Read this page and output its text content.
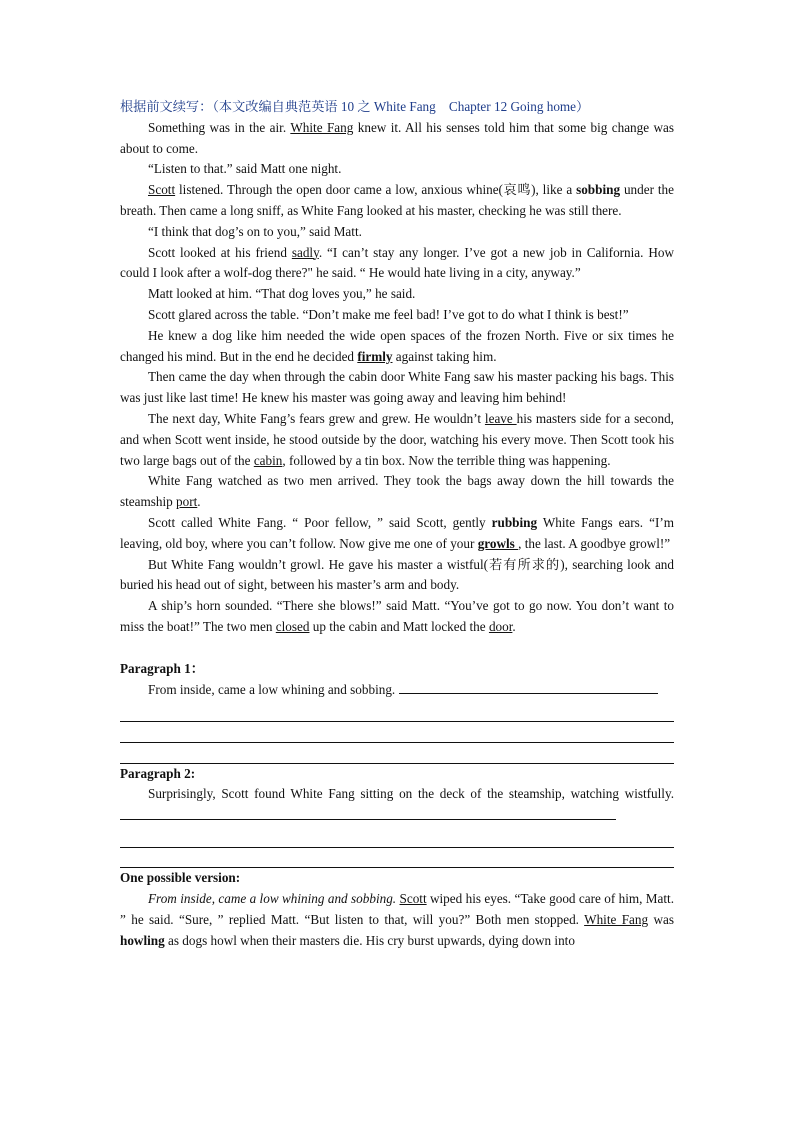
根据前文续写：（本文改编自典范英语 10 之 White Fang　Chapter 12 Going home）

Something was in the air. White Fang knew it. All his senses told him that some big change was about to come.

“Listen to that.” said Matt one night.

Scott listened. Through the open door came a low, anxious whine(哀鸣), like a sobbing under the breath. Then came a long sniff, as White Fang looked at his master, checking he was still there.

“I think that dog’s on to you,” said Matt.

Scott looked at his friend sadly. “I can’t stay any longer. I’ve got a new job in California. How could I look after a wolf-dog there?" he said. “ He would hate living in a city, anyway.”

Matt looked at him. “That dog loves you,” he said.

Scott glared across the table. “Don’t make me feel bad! I’ve got to do what I think is best!”

He knew a dog like him needed the wide open spaces of the frozen North. Five or six times he changed his mind. But in the end he decided firmly against taking him.

Then came the day when through the cabin door White Fang saw his master packing his bags. This was just like last time! He knew his master was going away and leaving him behind!

The next day, White Fang’s fears grew and grew. He wouldn’t leave his masters side for a second, and when Scott went inside, he stood outside by the door, watching his every move. Then Scott took his two large bags out of the cabin, followed by a tin box. Now the terrible thing was happening.

White Fang watched as two men arrived. They took the bags away down the hill towards the steamship port.

Scott called White Fang. “ Poor fellow, ” said Scott, gently rubbing White Fangs ears. “I’m leaving, old boy, where you can’t follow. Now give me one of your growls , the last. A goodbye growl!”

But White Fang wouldn’t growl. He gave his master a wistful(若有所求的), searching look and buried his head out of sight, between his master’s arm and body.

A ship’s horn sounded. “There she blows!” said Matt. “You’ve got to go now. You don’t want to miss the boat!” The two men closed up the cabin and Matt locked the door.

Paragraph 1：

From inside, came a low whining and sobbing.

Paragraph 2:

Surprisingly, Scott found White Fang sitting on the deck of the steamship, watching wistfully.

One possible version:

From inside, came a low whining and sobbing. Scott wiped his eyes. “Take good care of him, Matt. ” he said. “Sure, ” replied Matt. “But listen to that, will you?” Both men stopped. White Fang was howling as dogs howl when their masters die. His cry burst upwards, dying down into
